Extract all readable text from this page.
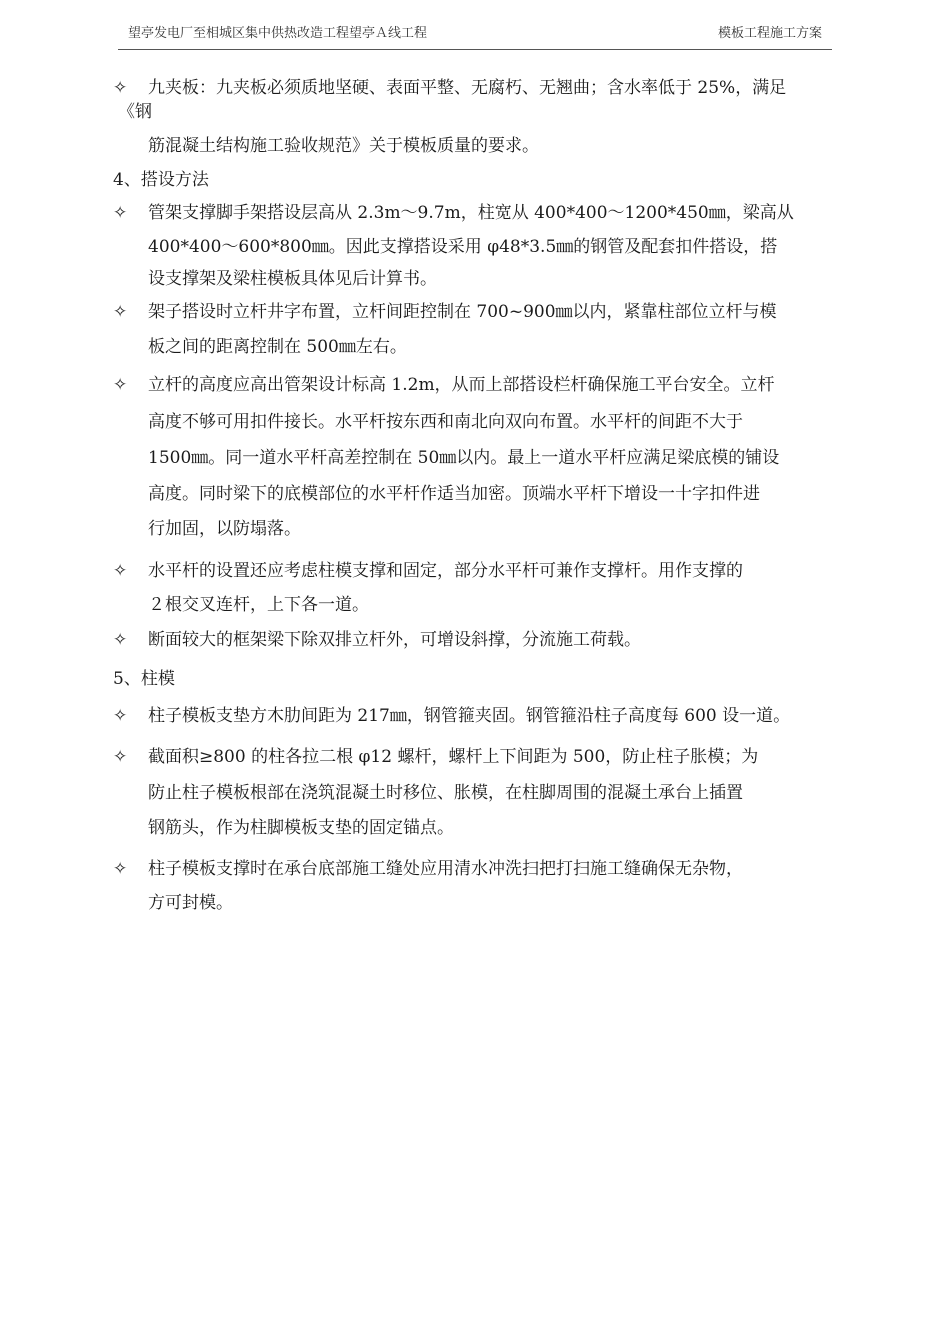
望亭发电厂至相城区集中供热改造工程望亭Ａ线工程	模板工程施工方案
✧ 九夹板：九夹板必须质地坚硬、表面平整、无腐朽、无翘曲；含水率低于 25%，满足
《钢
筋混凝土结构施工验收规范》关于模板质量的要求。
4、搭设方法
✧ 管架支撑脚手架搭设层高从 2.3m～9.7m，柱宽从 400*400～1200*450㎜，梁高从
400*400～600*800㎜。因此支撑搭设采用 φ48*3.5㎜的钢管及配套扣件搭设，搭
设支撑架及梁柱模板具体见后计算书。
✧ 架子搭设时立杆井字布置，立杆间距控制在 700~900㎜以内，紧靠柱部位立杆与模
板之间的距离控制在 500㎜左右。
✧ 立杆的高度应高出管架设计标高 1.2m，从而上部搭设栏杆确保施工平台安全。立杆
高度不够可用扣件接长。水平杆按东西和南北向双向布置。水平杆的间距不大于
1500㎜。同一道水平杆高差控制在 50㎜以内。最上一道水平杆应满足梁底模的铺设
高度。同时梁下的底模部位的水平杆作适当加密。顶端水平杆下增设一十字扣件进
行加固，以防塌落。
✧ 水平杆的设置还应考虑柱模支撑和固定，部分水平杆可兼作支撑杆。用作支撑的
２根交叉连杆，上下各一道。
✧ 断面较大的框架梁下除双排立杆外，可增设斜撑，分流施工荷载。
5、柱模
✧ 柱子模板支垫方木肋间距为 217㎜，钢管箍夹固。钢管箍沿柱子高度每 600 设一道。
✧ 截面积≥800 的柱各拉二根 φ12 螺杆，螺杆上下间距为 500，防止柱子胀模；为
防止柱子模板根部在浇筑混凝土时移位、胀模，在柱脚周围的混凝土承台上插置
钢筋头，作为柱脚模板支垫的固定锚点。
✧ 柱子模板支撑时在承台底部施工缝处应用清水冲洗扫把打扫施工缝确保无杂物，
方可封模。
